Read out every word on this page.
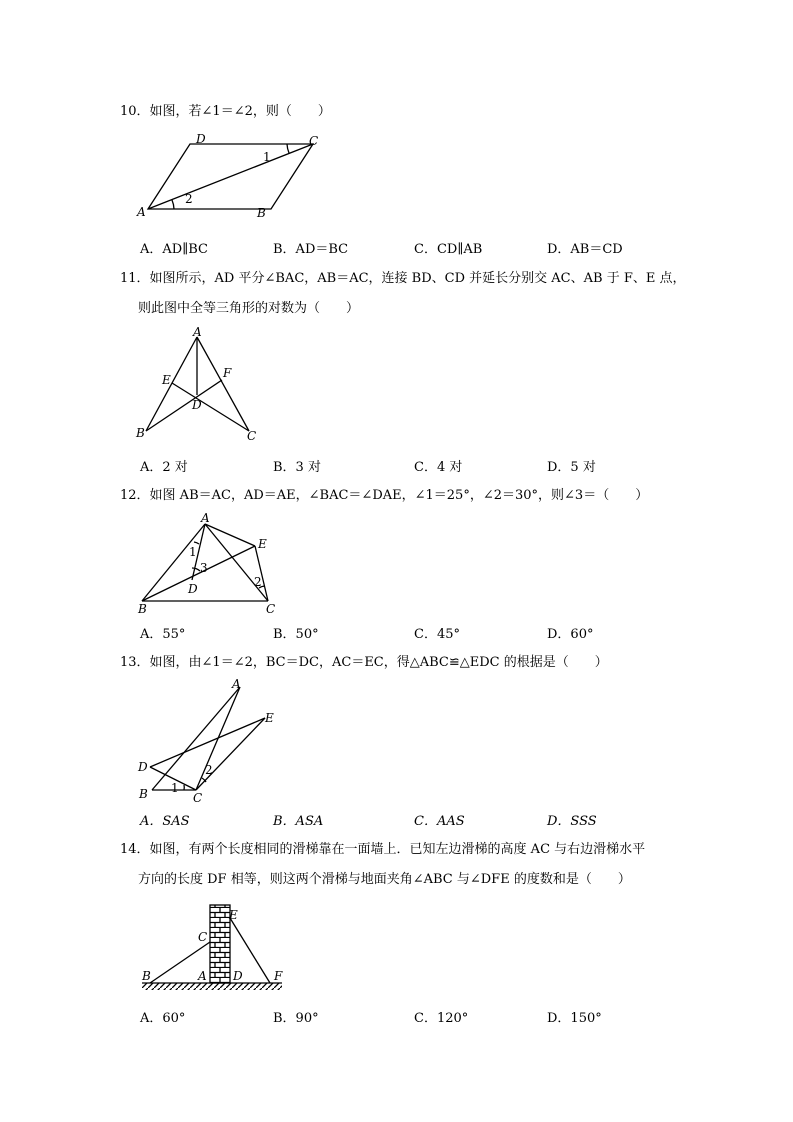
10．如图，若∠1＝∠2，则（　　）
D	C
A	B
1
2
A．AD∥BC	B．AD＝BC	C．CD∥AB	D．AB＝CD
11．如图所示，AD 平分∠BAC，AB＝AC，连接 BD、CD 并延长分别交 AC、AB 于 F、E 点，
则此图中全等三角形的对数为（　　）
A
E	F
D
B	C
A．2 对	B．3 对	C．4 对	D．5 对
12．如图 AB＝AC，AD＝AE，∠BAC＝∠DAE，∠1＝25°，∠2＝30°，则∠3＝（　　）
A
E
B
D
C
1
2
3
A．55°	B．50°	C．45°	D．60°
13．如图，由∠1＝∠2，BC＝DC，AC＝EC，得△ABC≌△EDC 的根据是（　　）
A
E
D
B	C
1
2
A．SAS	B．ASA	C．AAS	D．SSS
14．如图，有两个长度相同的滑梯靠在一面墙上．已知左边滑梯的高度 AC 与右边滑梯水平
方向的长度 DF 相等，则这两个滑梯与地面夹角∠ABC 与∠DFE 的度数和是（　　）
E
C
B	A D	F
A．60°	B．90°	C．120°	D．150°
